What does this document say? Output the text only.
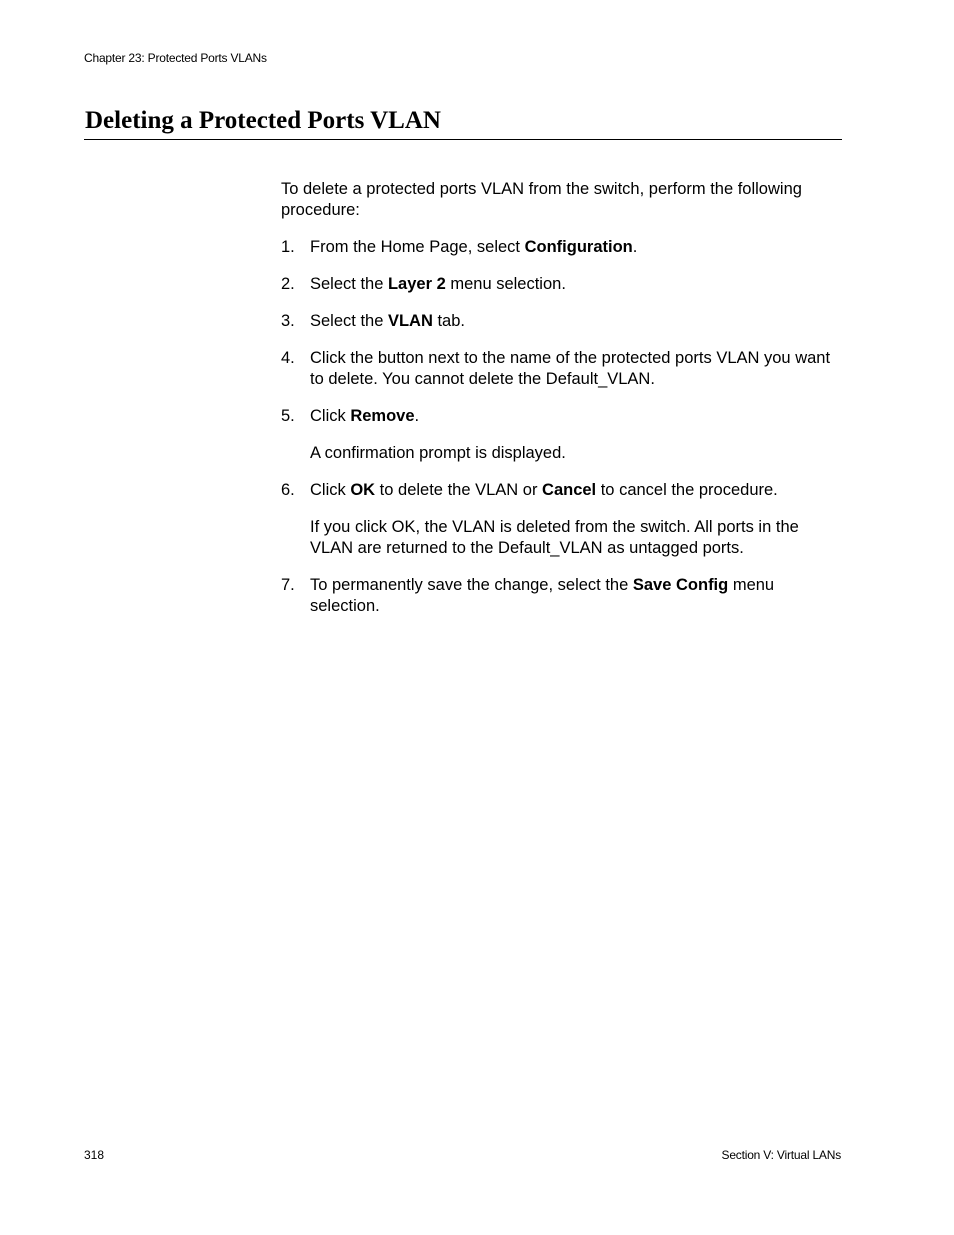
Chapter 23: Protected Ports VLANs
Deleting a Protected Ports VLAN

To delete a protected ports VLAN from the switch, perform the following procedure:

1. From the Home Page, select Configuration.

2. Select the Layer 2 menu selection.

3. Select the VLAN tab.

4. Click the button next to the name of the protected ports VLAN you want to delete. You cannot delete the Default_VLAN.

5. Click Remove.

A confirmation prompt is displayed.

6. Click OK to delete the VLAN or Cancel to cancel the procedure.

If you click OK, the VLAN is deleted from the switch. All ports in the VLAN are returned to the Default_VLAN as untagged ports.

7. To permanently save the change, select the Save Config menu selection.

318	Section V: Virtual LANs
